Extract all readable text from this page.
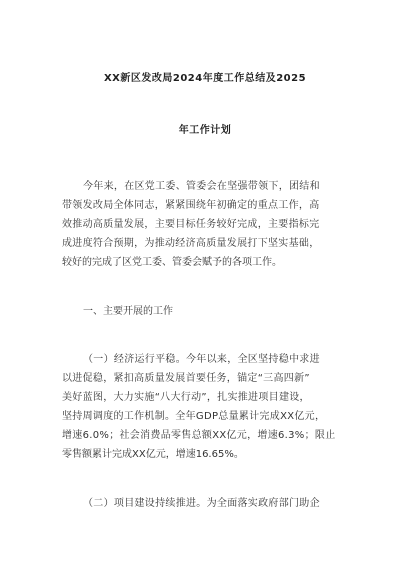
XX新区发改局2024年度工作总结及2025
年工作计划

今年来，在区党工委、管委会在坚强带领下，团结和

带领发改局全体同志，紧紧围绕年初确定的重点工作，高

效推动高质量发展，主要目标任务较好完成，主要指标完

成进度符合预期，为推动经济高质量发展打下坚实基础，

较好的完成了区党工委、管委会赋予的各项工作。

一、主要开展的工作

（一）经济运行平稳。今年以来，全区坚持稳中求进

以进促稳，紧扣高质量发展首要任务，锚定“三高四新”

美好蓝图，大力实施“八大行动”，扎实推进项目建设，

坚持周调度的工作机制。全年GDP总量累计完成XX亿元，

增速6.0%；社会消费品零售总额XX亿元，增速6.3%；限止

零售额累计完成XX亿元，增速16.65%。

（二）项目建设持续推进。为全面落实政府部门助企
